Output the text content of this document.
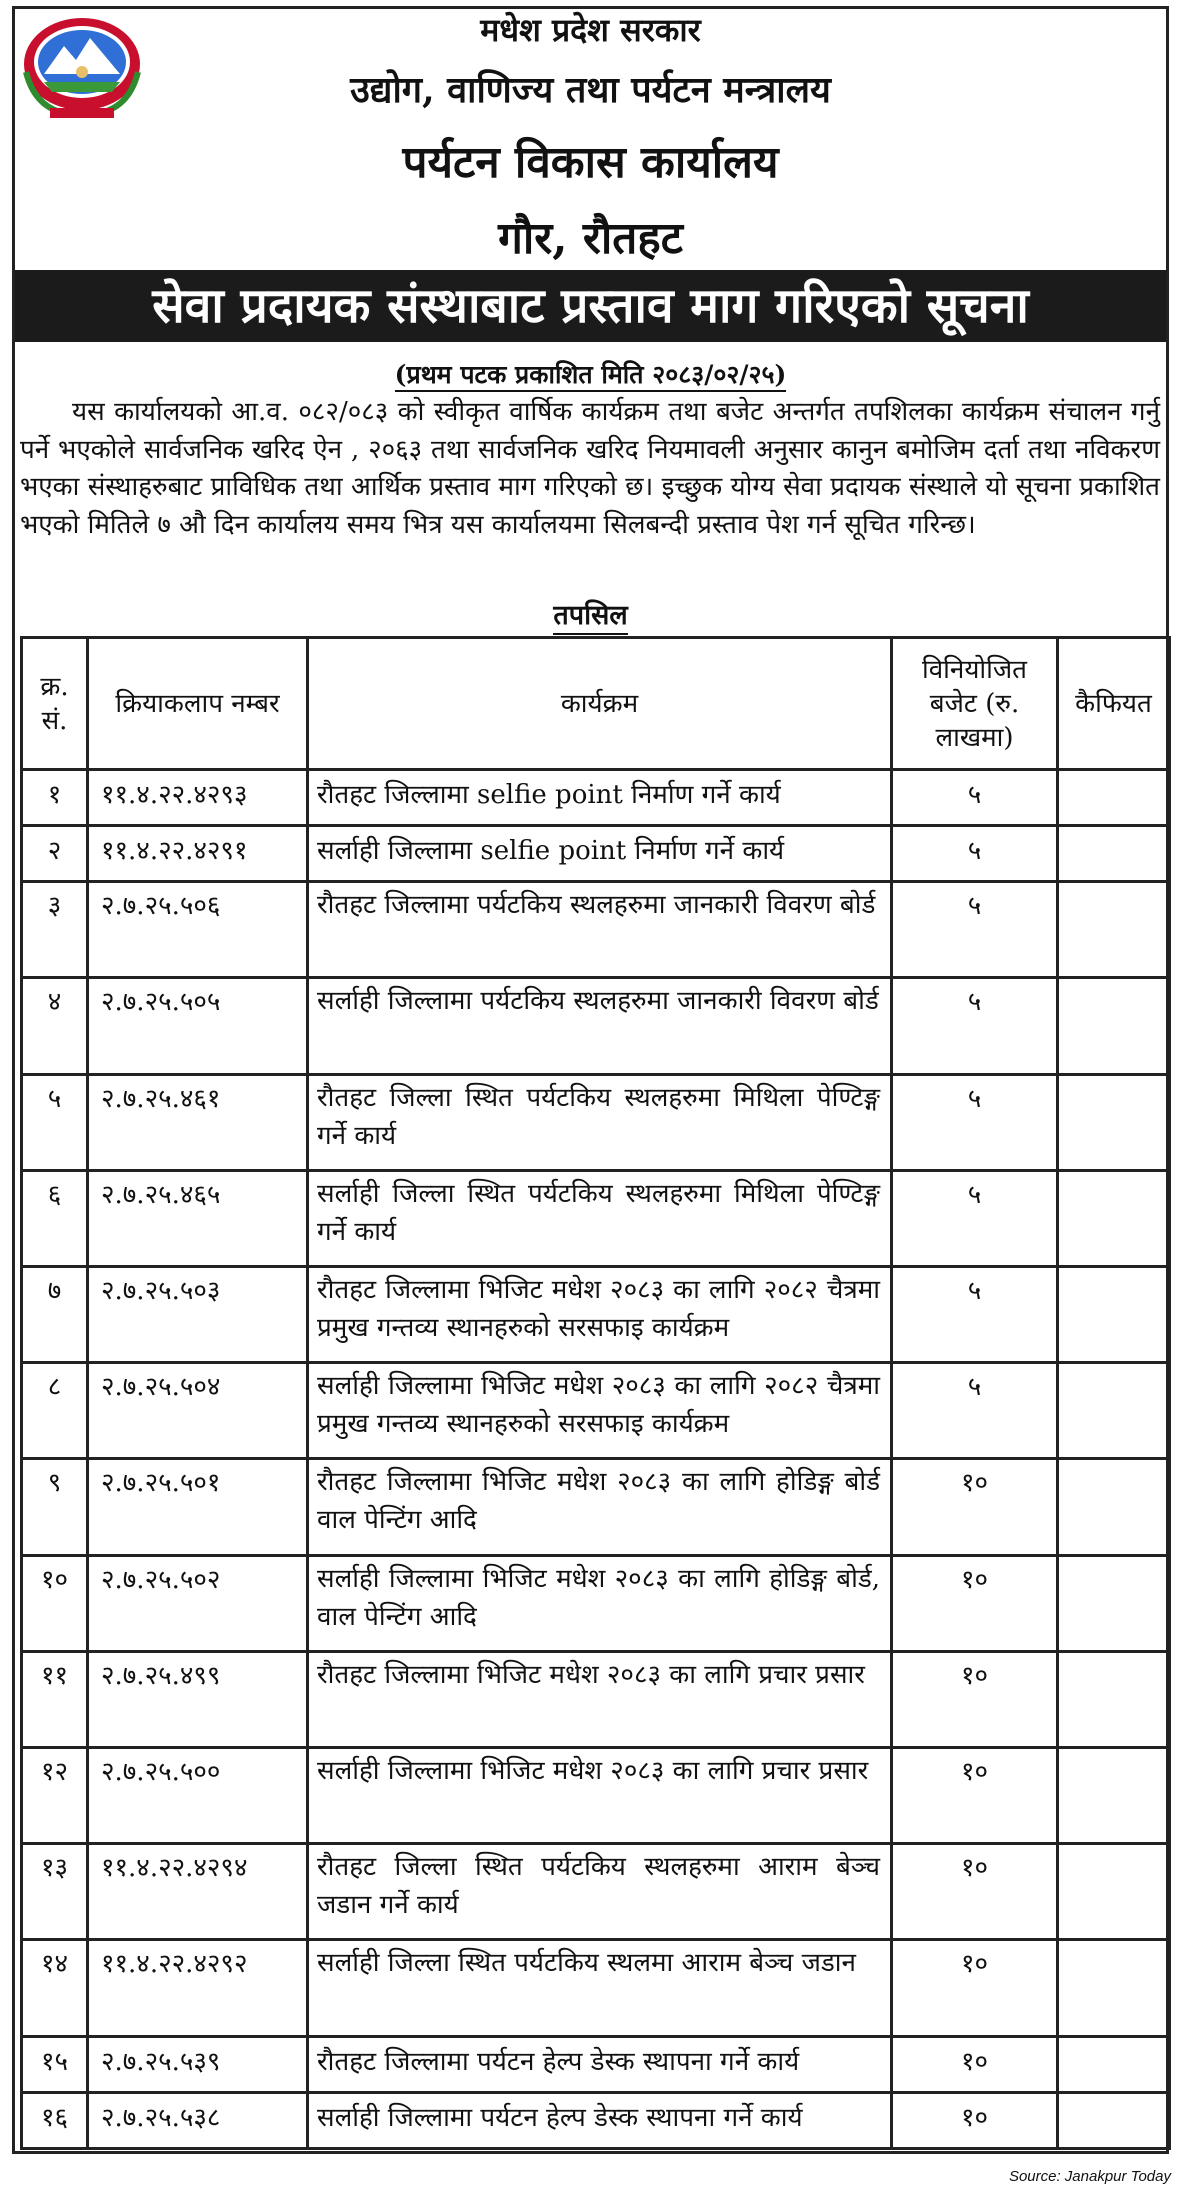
मधेश प्रदेश सरकार
उद्योग, वाणिज्य तथा पर्यटन मन्त्रालय
पर्यटन विकास कार्यालय
गौर, रौतहट
सेवा प्रदायक संस्थाबाट प्रस्ताव माग गरिएको सूचना
(प्रथम पटक प्रकाशित मिति २०८३/०२/२५)

यस कार्यालयको आ.व. ०८२/०८३ को स्वीकृत वार्षिक कार्यक्रम तथा बजेट अन्तर्गत तपशिलका कार्यक्रम संचालन गर्नु पर्ने भएकोले सार्वजनिक खरिद ऐन , २०६३ तथा सार्वजनिक खरिद नियमावली अनुसार कानुन बमोजिम दर्ता तथा नविकरण भएका संस्थाहरुबाट प्राविधिक तथा आर्थिक प्रस्ताव माग गरिएको छ। इच्छुक योग्य सेवा प्रदायक संस्थाले यो सूचना प्रकाशित भएको मितिले ७ औ दिन कार्यालय समय भित्र यस कार्यालयमा सिलबन्दी प्रस्ताव पेश गर्न सूचित गरिन्छ।

तपसिल
क्र. सं.	क्रियाकलाप नम्बर	कार्यक्रम	विनियोजित बजेट (रु. लाखमा)	कैफियत
१	११.४.२२.४२९३	रौतहट जिल्लामा selfie point निर्माण गर्ने कार्य	५	
२	११.४.२२.४२९१	सर्लाही जिल्लामा selfie point निर्माण गर्ने कार्य	५	
३	२.७.२५.५०६	रौतहट जिल्लामा पर्यटकिय स्थलहरुमा जानकारी विवरण बोर्ड	५	
४	२.७.२५.५०५	सर्लाही जिल्लामा पर्यटकिय स्थलहरुमा जानकारी विवरण बोर्ड	५	
५	२.७.२५.४६१	रौतहट जिल्ला स्थित पर्यटकिय स्थलहरुमा मिथिला पेण्टिङ्ग गर्ने कार्य	५	
६	२.७.२५.४६५	सर्लाही जिल्ला स्थित पर्यटकिय स्थलहरुमा मिथिला पेण्टिङ्ग गर्ने कार्य	५	
७	२.७.२५.५०३	रौतहट जिल्लामा भिजिट मधेश २०८३ का लागि २०८२ चैत्रमा प्रमुख गन्तव्य स्थानहरुको सरसफाइ कार्यक्रम	५	
८	२.७.२५.५०४	सर्लाही जिल्लामा भिजिट मधेश २०८३ का लागि २०८२ चैत्रमा प्रमुख गन्तव्य स्थानहरुको सरसफाइ कार्यक्रम	५	
९	२.७.२५.५०१	रौतहट जिल्लामा भिजिट मधेश २०८३ का लागि होडिङ्ग बोर्ड वाल पेन्टिंग आदि	१०	
१०	२.७.२५.५०२	सर्लाही जिल्लामा भिजिट मधेश २०८३ का लागि होडिङ्ग बोर्ड, वाल पेन्टिंग आदि	१०	
११	२.७.२५.४९९	रौतहट जिल्लामा भिजिट मधेश २०८३ का लागि प्रचार प्रसार	१०	
१२	२.७.२५.५००	सर्लाही जिल्लामा भिजिट मधेश २०८३ का लागि प्रचार प्रसार	१०	
१३	११.४.२२.४२९४	रौतहट जिल्ला स्थित पर्यटकिय स्थलहरुमा आराम बेञ्च जडान गर्ने कार्य	१०	
१४	११.४.२२.४२९२	सर्लाही जिल्ला स्थित पर्यटकिय स्थलमा आराम बेञ्च जडान	१०	
१५	२.७.२५.५३९	रौतहट जिल्लामा पर्यटन हेल्प डेस्क स्थापना गर्ने कार्य	१०	
१६	२.७.२५.५३८	सर्लाही जिल्लामा पर्यटन हेल्प डेस्क स्थापना गर्ने कार्य	१०	
Source: Janakpur Today
